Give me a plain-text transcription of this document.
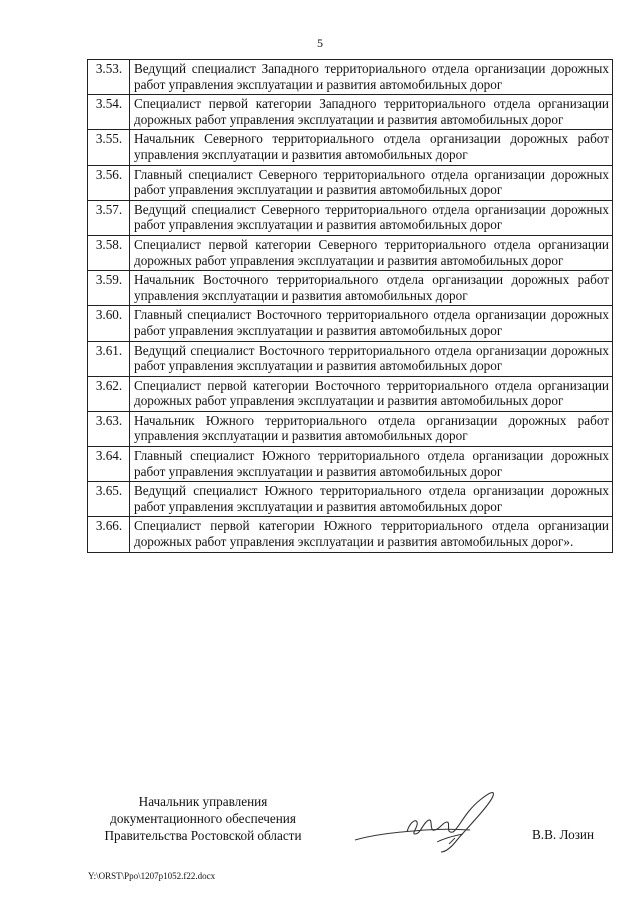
5
3.53.	Ведущий специалист Западного территориального отдела организации дорожных работ управления эксплуатации и развития автомобильных дорог
3.54.	Специалист первой категории Западного территориального отдела организации дорожных работ управления эксплуатации и развития автомобильных дорог
3.55.	Начальник Северного территориального отдела организации дорожных работ управления эксплуатации и развития автомобильных дорог
3.56.	Главный специалист Северного территориального отдела организации дорожных работ управления эксплуатации и развития автомобильных дорог
3.57.	Ведущий специалист Северного территориального отдела организации дорожных работ управления эксплуатации и развития автомобильных дорог
3.58.	Специалист первой категории Северного территориального отдела организации дорожных работ управления эксплуатации и развития автомобильных дорог
3.59.	Начальник Восточного территориального отдела организации дорожных работ управления эксплуатации и развития автомобильных дорог
3.60.	Главный специалист Восточного территориального отдела организации дорожных работ управления эксплуатации и развития автомобильных дорог
3.61.	Ведущий специалист Восточного территориального отдела организации дорожных работ управления эксплуатации и развития автомобильных дорог
3.62.	Специалист первой категории Восточного территориального отдела организации дорожных работ управления эксплуатации и развития автомобильных дорог
3.63.	Начальник Южного территориального отдела организации дорожных работ управления эксплуатации и развития автомобильных дорог
3.64.	Главный специалист Южного территориального отдела организации дорожных работ управления эксплуатации и развития автомобильных дорог
3.65.	Ведущий специалист Южного территориального отдела организации дорожных работ управления эксплуатации и развития автомобильных дорог
3.66.	Специалист первой категории Южного территориального отдела организации дорожных работ управления эксплуатации и развития автомобильных дорог».
Начальник управления
документационного обеспечения
Правительства Ростовской области	В.В. Лозин
Y:\ORST\Ppo\1207p1052.f22.docx
